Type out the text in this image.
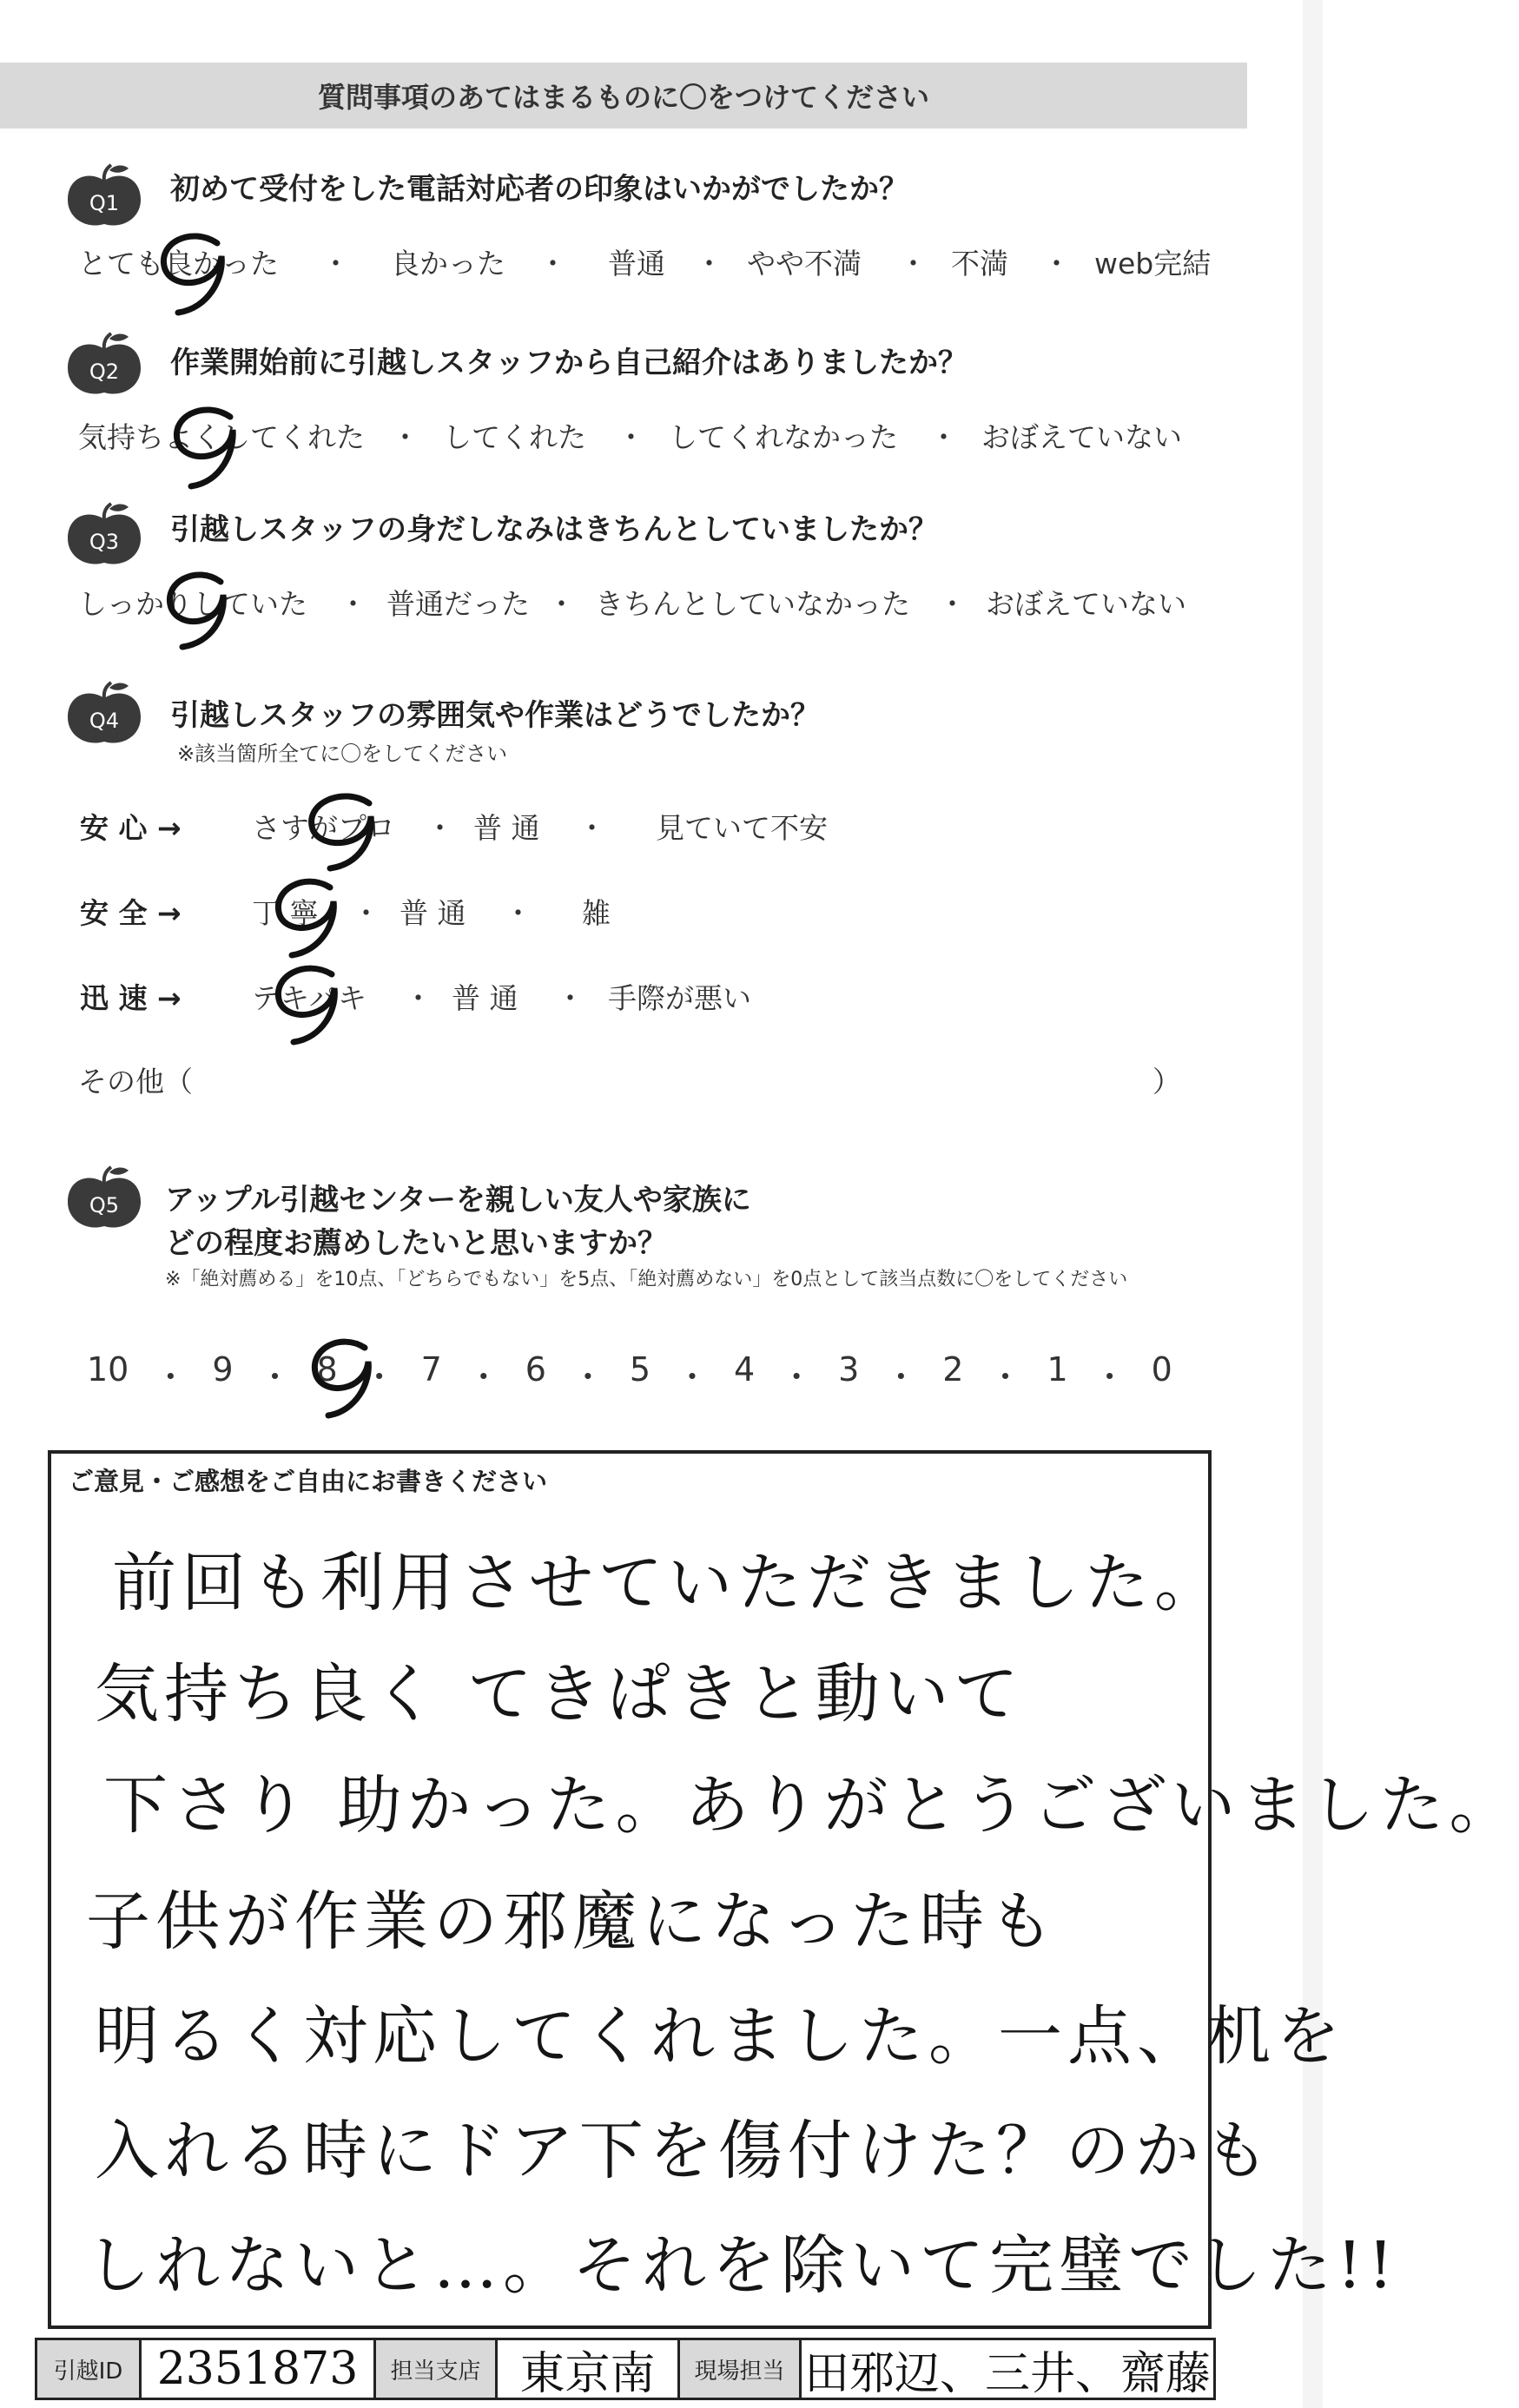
質問事項のあてはまるものに〇をつけてください
Q1	初めて受付をした電話対応者の印象はいかがでしたか？
とても良かった	・	良かった	・	普通	・ やや不満	・ 不満	・ web完結
Q2	作業開始前に引越しスタッフから自己紹介はありましたか？
気持ちよくしてくれた ・ してくれた	・ してくれなかった	・ おぼえていない
Q3	引越しスタッフの身だしなみはきちんとしていましたか？
しっかりしていた	・ 普通だった ・ きちんとしていなかった ・ おぼえていない
Q4	引越しスタッフの雰囲気や作業はどうでしたか？
※該当箇所全てに〇をしてください
安 心 → さすがプロ	・ 普 通	・	見ていて不安
安 全 → 丁 寧	・ 普 通	・	雑
迅 速 → テキパキ	・ 普 通	・ 手際が悪い
その他（	）
Q5	アップル引越センターを親しい友人や家族に
どの程度お薦めしたいと思いますか？
※「絶対薦める」を10点、「どちらでもない」を5点、「絶対薦めない」を0点として該当点数に〇をしてください
10 ・ 9 ・ 8 ・ 7 ・ 6 ・ 5 ・ 4 ・ 3 ・ 2 ・ 1 ・ 0
ご意見・ご感想をご自由にお書きください
前回も利用させていただきました。
気持ち良く てきぱきと動いて
下さり 助かった。ありがとうございました。
子供が作業の邪魔になった時も
明るく対応してくれました。一点、机を
入れる時にドア下を傷付けた？のかも
しれないと…。それを除いて完璧でした!!
引越ID 2351873	担当支店 東京南	現場担当 田邪辺、三井、齋藤
